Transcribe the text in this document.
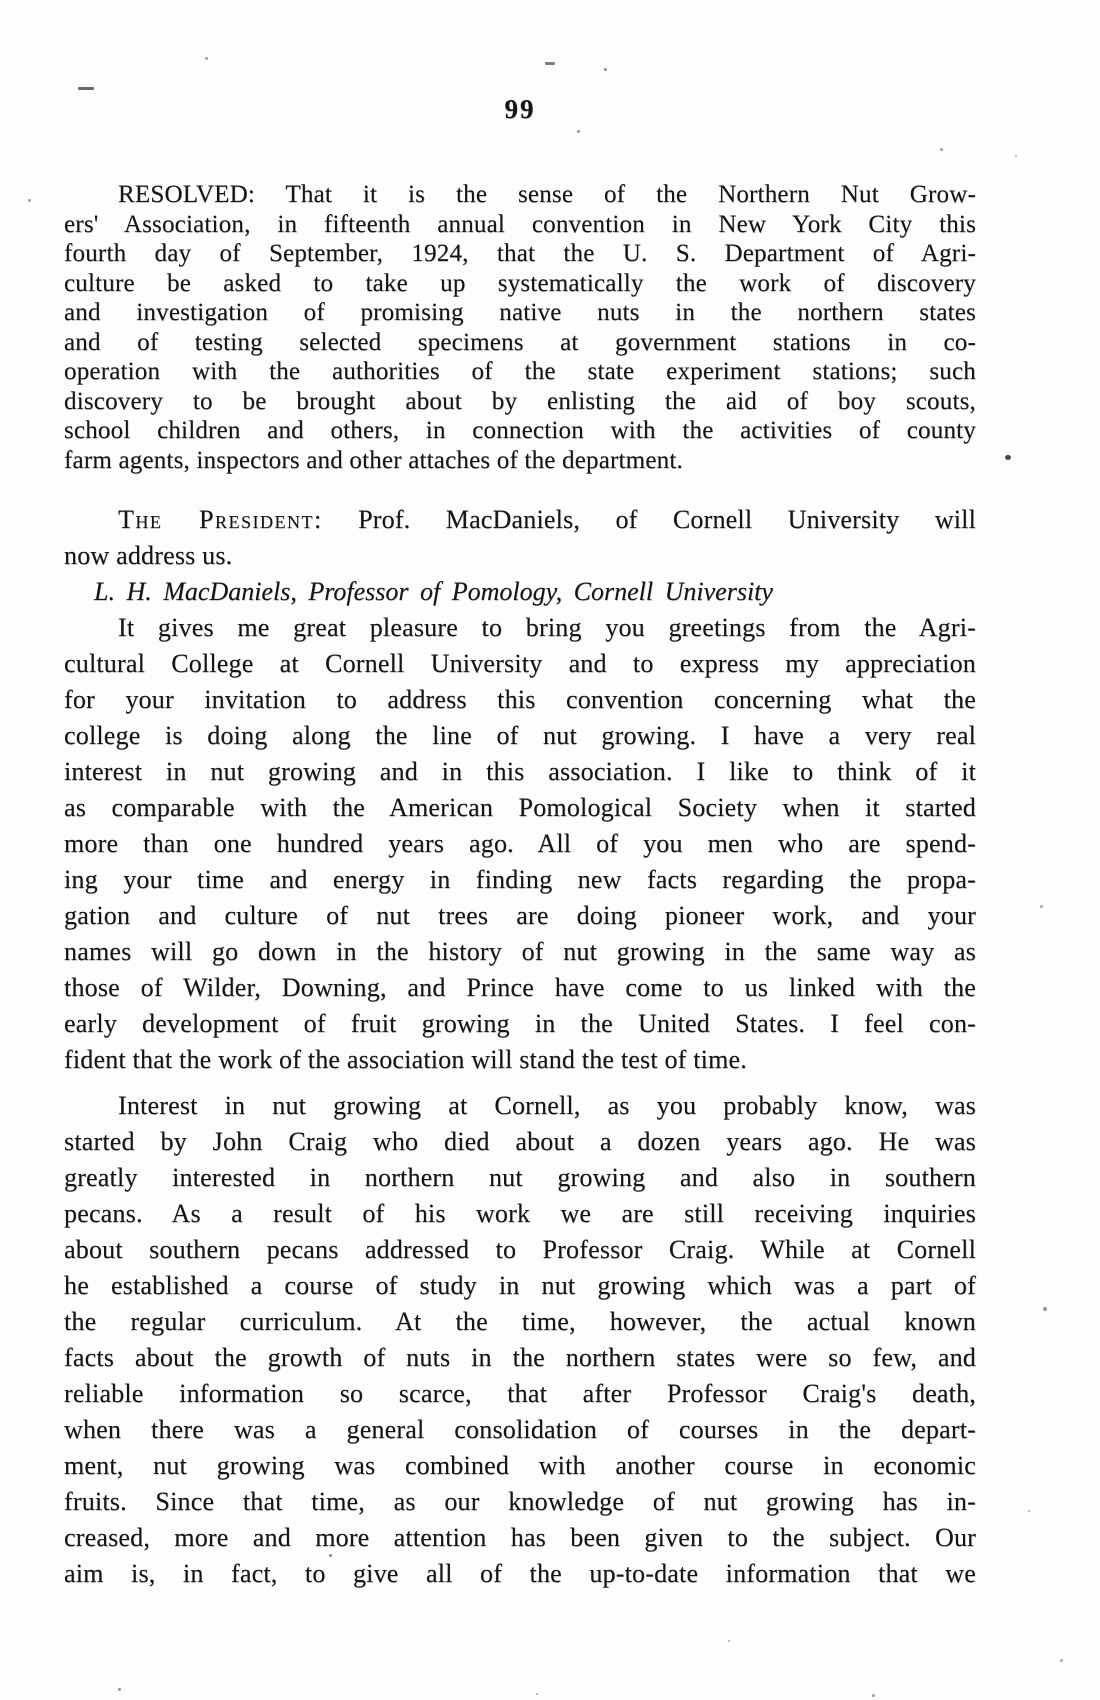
99
RESOLVED: That it is the sense of the Northern Nut Grow-
ers' Association, in fifteenth annual convention in New York City this
fourth day of September, 1924, that the U. S. Department of Agri-
culture be asked to take up systematically the work of discovery
and investigation of promising native nuts in the northern states
and of testing selected specimens at government stations in co-
operation with the authorities of the state experiment stations; such
discovery to be brought about by enlisting the aid of boy scouts,
school children and others, in connection with the activities of county
farm agents, inspectors and other attaches of the department.
The President: Prof. MacDaniels, of Cornell University will
now address us.
L. H. MacDaniels, Professor of Pomology, Cornell University
It gives me great pleasure to bring you greetings from the Agri-
cultural College at Cornell University and to express my appreciation
for your invitation to address this convention concerning what the
college is doing along the line of nut growing. I have a very real
interest in nut growing and in this association. I like to think of it
as comparable with the American Pomological Society when it started
more than one hundred years ago. All of you men who are spend-
ing your time and energy in finding new facts regarding the propa-
gation and culture of nut trees are doing pioneer work, and your
names will go down in the history of nut growing in the same way as
those of Wilder, Downing, and Prince have come to us linked with the
early development of fruit growing in the United States. I feel con-
fident that the work of the association will stand the test of time.
Interest in nut growing at Cornell, as you probably know, was
started by John Craig who died about a dozen years ago. He was
greatly interested in northern nut growing and also in southern
pecans. As a result of his work we are still receiving inquiries
about southern pecans addressed to Professor Craig. While at Cornell
he established a course of study in nut growing which was a part of
the regular curriculum. At the time, however, the actual known
facts about the growth of nuts in the northern states were so few, and
reliable information so scarce, that after Professor Craig's death,
when there was a general consolidation of courses in the depart-
ment, nut growing was combined with another course in economic
fruits. Since that time, as our knowledge of nut growing has in-
creased, more and more attention has been given to the subject. Our
aim is, in fact, to give all of the up-to-date information that we
